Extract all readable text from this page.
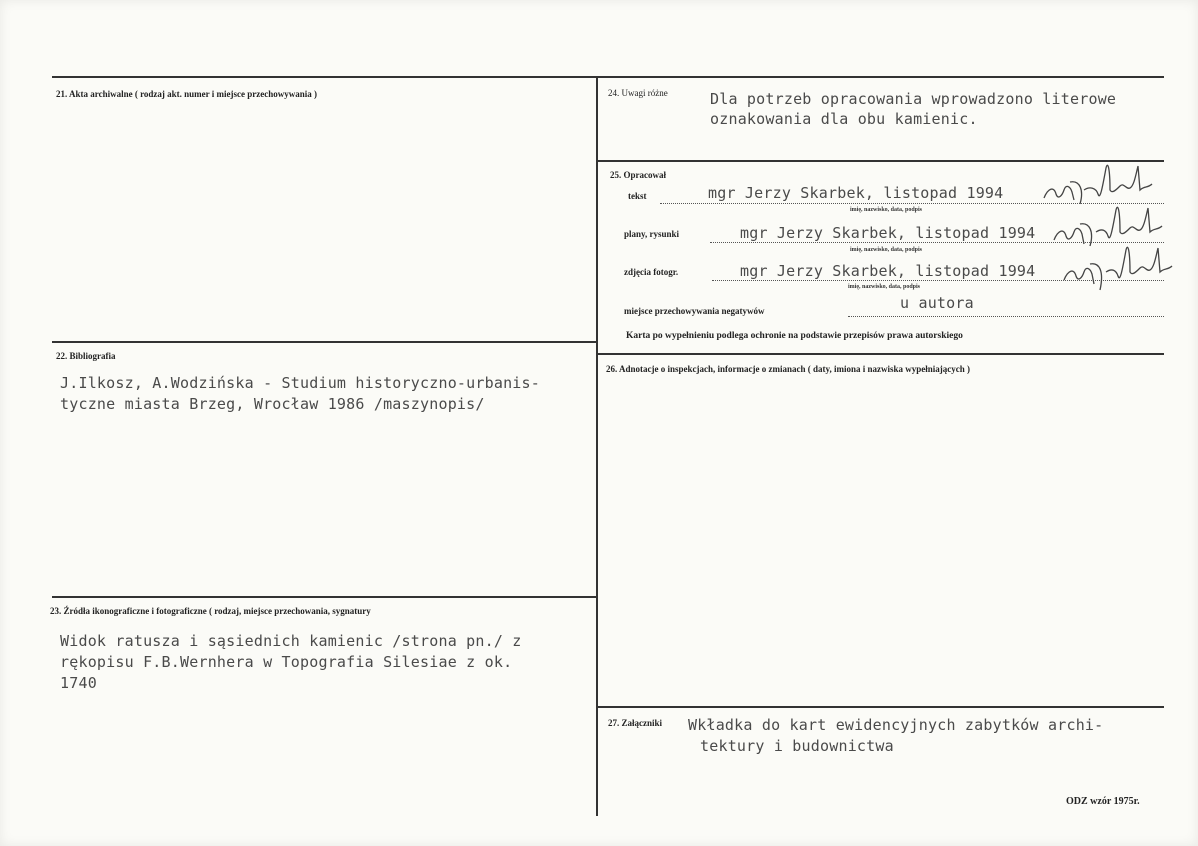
21. Akta archiwalne ( rodzaj akt. numer i miejsce przechowywania )
22. Bibliografia
J.Ilkosz, A.Wodzińska - Studium historyczno-urbanis-
tyczne miasta Brzeg, Wrocław 1986 /maszynopis/
23. Źródła ikonograficzne i fotograficzne ( rodzaj, miejsce przechowania, sygnatury
Widok ratusza i sąsiednich kamienic /strona pn./ z
rękopisu F.B.Wernhera w Topografia Silesiae z ok.
1740
24. Uwagi różne	Dla potrzeb opracowania wprowadzono literowe
oznakowania dla obu kamienic.
25. Opracował
tekst	mgr Jerzy Skarbek, listopad 1994
imię, nazwisko, data, podpis
plany, rysunki	mgr Jerzy Skarbek, listopad 1994
imię, nazwisko, data, podpis
zdjęcia fotogr.	mgr Jerzy Skarbek, listopad 1994
imię, nazwisko, data, podpis
miejsce przechowywania negatywów	u autora
Karta po wypełnieniu podlega ochronie na podstawie przepisów prawa autorskiego
26. Adnotacje o inspekcjach, informacje o zmianach ( daty, imiona i nazwiska wypełniających )
27. Załączniki Wkładka do kart ewidencyjnych zabytków archi-
tektury i budownictwa
ODZ wzór 1975r.
